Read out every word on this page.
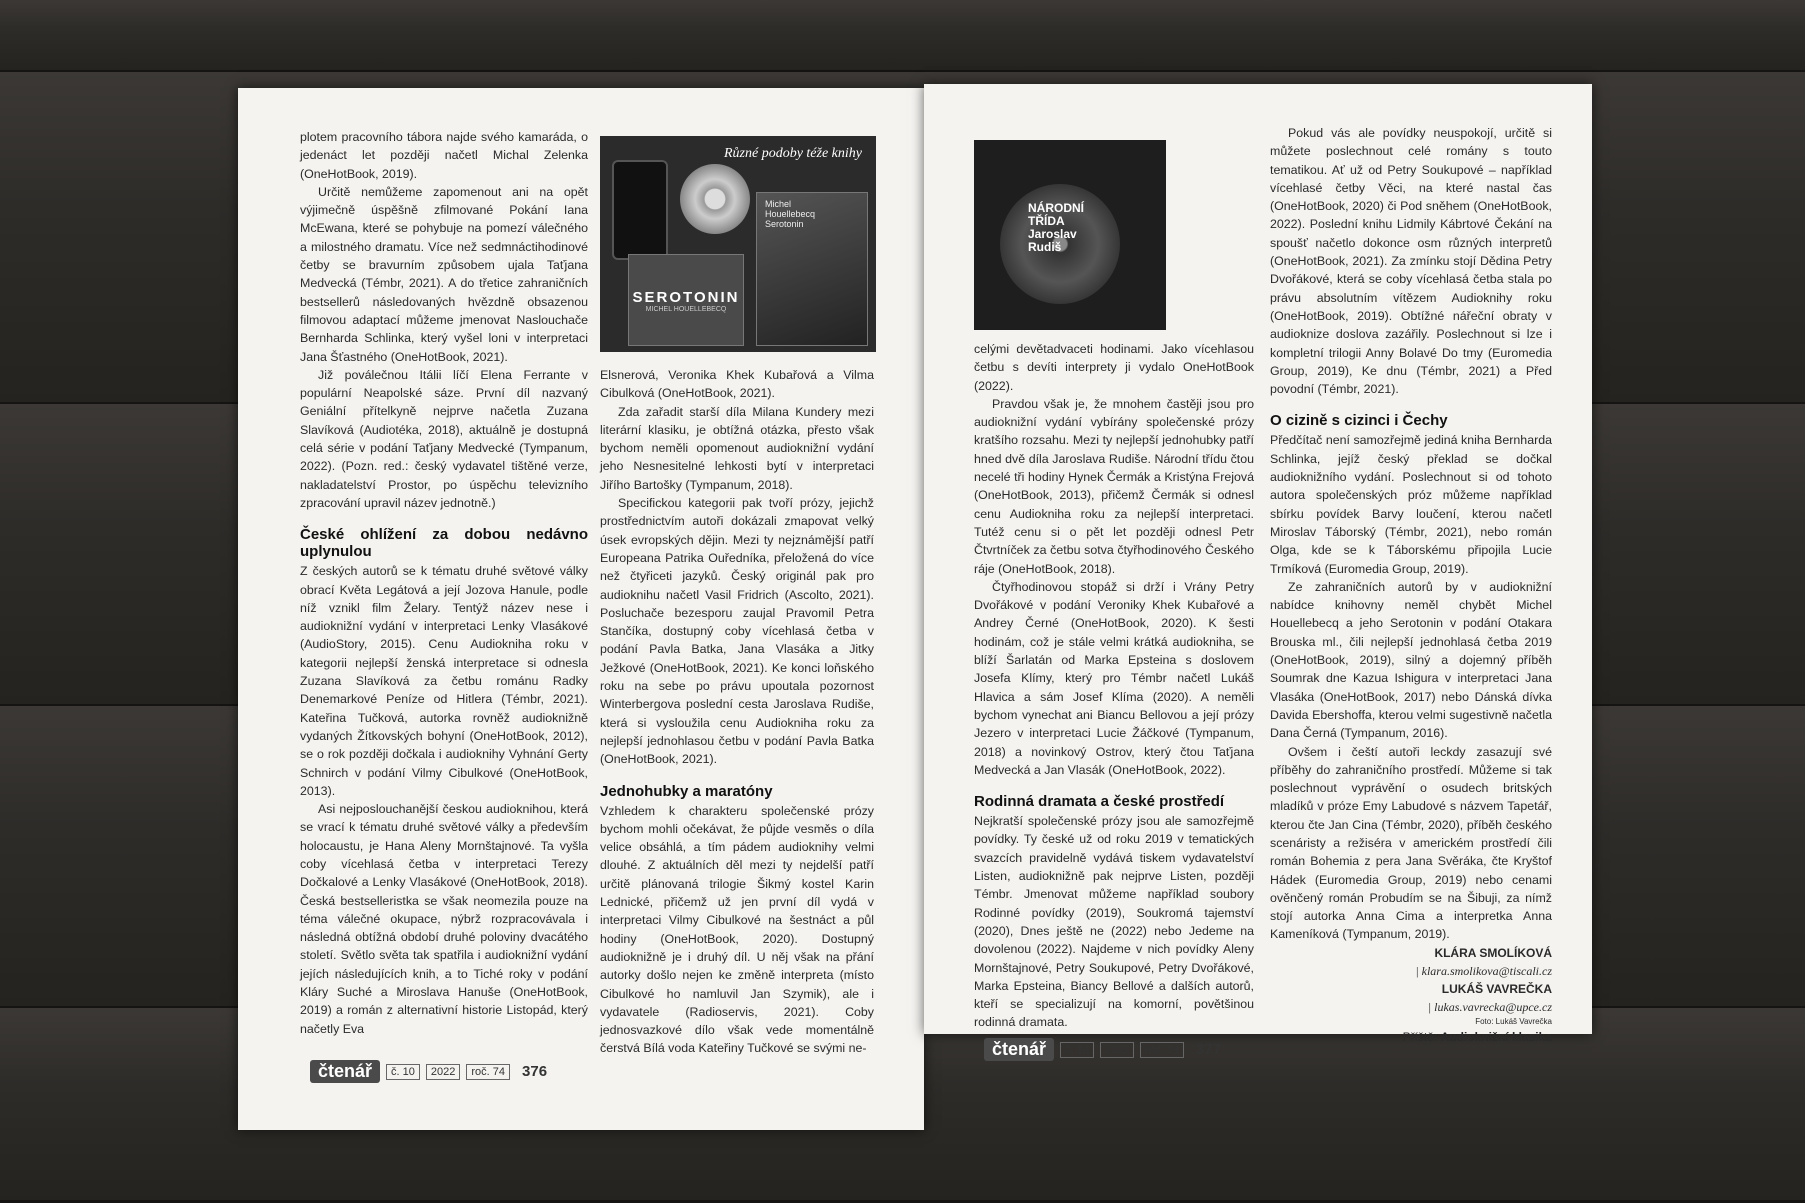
plotem pracovního tábora najde svého kamaráda, o jedenáct let později načetl Michal Zelenka (OneHotBook, 2019).

Určitě nemůžeme zapomenout ani na opět výjimečně úspěšně zfilmované Pokání Iana McEwana, které se pohybuje na pomezí válečného a milostného dramatu. Více než sedmnáctihodinové četby se bravurním způsobem ujala Taťjana Medvecká (Témbr, 2021). A do třetice zahraničních bestsellerů následovaných hvězdně obsazenou filmovou adaptací můžeme jmenovat Naslouchače Bernharda Schlinka, který vyšel loni v interpretaci Jana Šťastného (OneHotBook, 2021).

Již poválečnou Itálii líčí Elena Ferrante v populární Neapolské sáze. První díl nazvaný Geniální přítelkyně nejprve načetla Zuzana Slavíková (Audiotéka, 2018), aktuálně je dostupná celá série v podání Taťjany Medvecké (Tympanum, 2022). (Pozn. red.: český vydavatel tištěné verze, nakladatelství Prostor, po úspěchu televizního zpracování upravil název jednotně.)

České ohlížení za dobou nedávno uplynulou

Z českých autorů se k tématu druhé světové války obrací Květa Legátová a její Jozova Hanule, podle níž vznikl film Želary. Tentýž název nese i audioknižní vydání v interpretaci Lenky Vlasákové (AudioStory, 2015). Cenu Audiokniha roku v kategorii nejlepší ženská interpretace si odnesla Zuzana Slavíková za četbu románu Radky Denemarkové Peníze od Hitlera (Témbr, 2021). Kateřina Tučková, autorka rovněž audioknižně vydaných Žítkovských bohyní (OneHotBook, 2012), se o rok později dočkala i audioknihy Vyhnání Gerty Schnirch v podání Vilmy Cibulkové (OneHotBook, 2013).

Asi nejposlouchanější českou audioknihou, která se vrací k tématu druhé světové války a především holocaustu, je Hana Aleny Mornštajnové. Ta vyšla coby vícehlasá četba v interpretaci Terezy Dočkalové a Lenky Vlasákové (OneHotBook, 2018). Česká bestselleristka se však neomezila pouze na téma válečné okupace, nýbrž rozpracovávala i následná obtížná období druhé poloviny dvacátého století. Světlo světa tak spatřila i audioknižní vydání jejích následujících knih, a to Tiché roky v podání Kláry Suché a Miroslava Hanuše (OneHotBook, 2019) a román z alternativní historie Listopád, který načetly Eva

Různé podoby téže knihy
SEROTONIN
MICHEL HOUELLEBECQ
Michel Houellebecq Serotonin

Elsnerová, Veronika Khek Kubařová a Vilma Cibulková (OneHotBook, 2021).

Zda zařadit starší díla Milana Kundery mezi literární klasiku, je obtížná otázka, přesto však bychom neměli opomenout audioknižní vydání jeho Nesnesitelné lehkosti bytí v interpretaci Jiřího Bartošky (Tympanum, 2018).

Specifickou kategorii pak tvoří prózy, jejichž prostřednictvím autoři dokázali zmapovat velký úsek evropských dějin. Mezi ty nejznámější patří Europeana Patrika Ouředníka, přeložená do více než čtyřiceti jazyků. Český originál pak pro audioknihu načetl Vasil Fridrich (Ascolto, 2021). Posluchače bezesporu zaujal Pravomil Petra Stančíka, dostupný coby vícehlasá četba v podání Pavla Batka, Jana Vlasáka a Jitky Ježkové (OneHotBook, 2021). Ke konci loňského roku na sebe po právu upoutala pozornost Winterbergova poslední cesta Jaroslava Rudiše, která si vysloužila cenu Audiokniha roku za nejlepší jednohlasou četbu v podání Pavla Batka (OneHotBook, 2021).

Jednohubky a maratóny

Vzhledem k charakteru společenské prózy bychom mohli očekávat, že půjde vesměs o díla velice obsáhlá, a tím pádem audioknihy velmi dlouhé. Z aktuálních děl mezi ty nejdelší patří určitě plánovaná trilogie Šikmý kostel Karin Lednické, přičemž už jen první díl vydá v interpretaci Vilmy Cibulkové na šestnáct a půl hodiny (OneHotBook, 2020). Dostupný audioknižně je i druhý díl. U něj však na přání autorky došlo nejen ke změně interpreta (místo Cibulkové ho namluvil Jan Szymik), ale i vydavatele (Radioservis, 2021). Coby jednosvazkové dílo však vede momentálně čerstvá Bílá voda Kateřiny Tučkové se svými ne-

čtenář	č. 10	2022	roč. 74	376
NÁRODNÍ TŘÍDA Jaroslav Rudiš

celými devětadvaceti hodinami. Jako vícehlasou četbu s devíti interprety ji vydalo OneHotBook (2022).

Pravdou však je, že mnohem častěji jsou pro audioknižní vydání vybírány společenské prózy kratšího rozsahu. Mezi ty nejlepší jednohubky patří hned dvě díla Jaroslava Rudiše. Národní třídu čtou necelé tři hodiny Hynek Čermák a Kristýna Frejová (OneHotBook, 2013), přičemž Čermák si odnesl cenu Audiokniha roku za nejlepší interpretaci. Tutéž cenu si o pět let později odnesl Petr Čtvrtníček za četbu sotva čtyřhodinového Českého ráje (OneHotBook, 2018).

Čtyřhodinovou stopáž si drží i Vrány Petry Dvořákové v podání Veroniky Khek Kubařové a Andrey Černé (OneHotBook, 2020). K šesti hodinám, což je stále velmi krátká audiokniha, se blíží Šarlatán od Marka Epsteina s doslovem Josefa Klímy, který pro Témbr načetl Lukáš Hlavica a sám Josef Klíma (2020). A neměli bychom vynechat ani Biancu Bellovou a její prózy Jezero v interpretaci Lucie Žáčkové (Tympanum, 2018) a novinkový Ostrov, který čtou Taťjana Medvecká a Jan Vlasák (OneHotBook, 2022).

Rodinná dramata a české prostředí

Nejkratší společenské prózy jsou ale samozřejmě povídky. Ty české už od roku 2019 v tematických svazcích pravidelně vydává tiskem vydavatelství Listen, audioknižně pak nejprve Listen, později Témbr. Jmenovat můžeme například soubory Rodinné povídky (2019), Soukromá tajemství (2020), Dnes ještě ne (2022) nebo Jedeme na dovolenou (2022). Najdeme v nich povídky Aleny Mornštajnové, Petry Soukupové, Petry Dvořákové, Marka Epsteina, Biancy Bellové a dalších autorů, kteří se specializují na komorní, povětšinou rodinná dramata.

Pokud vás ale povídky neuspokojí, určitě si můžete poslechnout celé romány s touto tematikou. Ať už od Petry Soukupové – například vícehlasé četby Věci, na které nastal čas (OneHotBook, 2020) či Pod sněhem (OneHotBook, 2022). Poslední knihu Lidmily Kábrtové Čekání na spoušť načetlo dokonce osm různých interpretů (OneHotBook, 2021). Za zmínku stojí Dědina Petry Dvořákové, která se coby vícehlasá četba stala po právu absolutním vítězem Audioknihy roku (OneHotBook, 2019). Obtížné nářeční obraty v audioknize doslova zazářily. Poslechnout si lze i kompletní trilogii Anny Bolavé Do tmy (Euromedia Group, 2019), Ke dnu (Témbr, 2021) a Před povodní (Témbr, 2021).

O cizině s cizinci i Čechy

Předčítač není samozřejmě jediná kniha Bernharda Schlinka, jejíž český překlad se dočkal audioknižního vydání. Poslechnout si od tohoto autora společenských próz můžeme například sbírku povídek Barvy loučení, kterou načetl Miroslav Táborský (Témbr, 2021), nebo román Olga, kde se k Táborskému připojila Lucie Trmíková (Euromedia Group, 2019).

Ze zahraničních autorů by v audioknižní nabídce knihovny neměl chybět Michel Houellebecq a jeho Serotonin v podání Otakara Brouska ml., čili nejlepší jednohlasá četba 2019 (OneHotBook, 2019), silný a dojemný příběh Soumrak dne Kazua Ishigura v interpretaci Jana Vlasáka (OneHotBook, 2017) nebo Dánská dívka Davida Ebershoffa, kterou velmi sugestivně načetla Dana Černá (Tympanum, 2016).

Ovšem i čeští autoři leckdy zasazují své příběhy do zahraničního prostředí. Můžeme si tak poslechnout vyprávění o osudech britských mladíků v próze Emy Labudové s názvem Tapetář, kterou čte Jan Cina (Témbr, 2020), příběh českého scenáristy a režiséra v americkém prostředí čili román Bohemia z pera Jana Svěráka, čte Kryštof Hádek (Euromedia Group, 2019) nebo cenami ověnčený román Probudím se na Šibuji, za nímž stojí autorka Anna Cima a interpretka Anna Kameníková (Tympanum, 2019).

KLÁRA SMOLÍKOVÁ
| klara.smolikova@tiscali.cz
LUKÁŠ VAVREČKA
| lukas.vavrecka@upce.cz
Foto: Lukáš Vavrečka
Příště: Audioknižní klasika
čtenář	č. 10	2022	roč. 74	377
